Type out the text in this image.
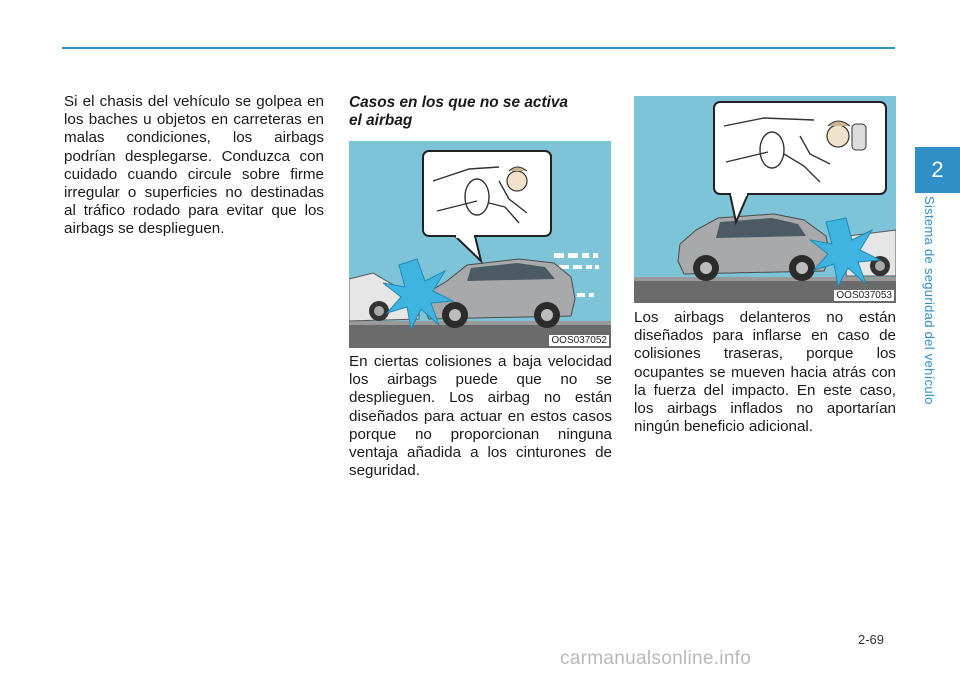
Si el chasis del vehículo se golpea en los baches u objetos en carreteras en malas condiciones, los airbags podrían desplegarse. Conduzca con cuidado cuando circule sobre firme irregular o superficies no destinadas al tráfico rodado para evitar que los airbags se desplieguen.

Casos en los que no se activa
el airbag
OOS037052

En ciertas colisiones a baja velocidad los airbags puede que no se desplieguen. Los airbag no están diseñados para actuar en estos casos porque no proporcionan ninguna ventaja añadida a los cinturones de seguridad.

OOS037053

Los airbags delanteros no están diseñados para inflarse en caso de colisiones traseras, porque los ocupantes se mueven hacia atrás con la fuerza del impacto. En este caso, los airbags inflados no aportarían ningún beneficio adicional.

2
Sistema de seguridad del vehículo
2-69
carmanualsonline.info
